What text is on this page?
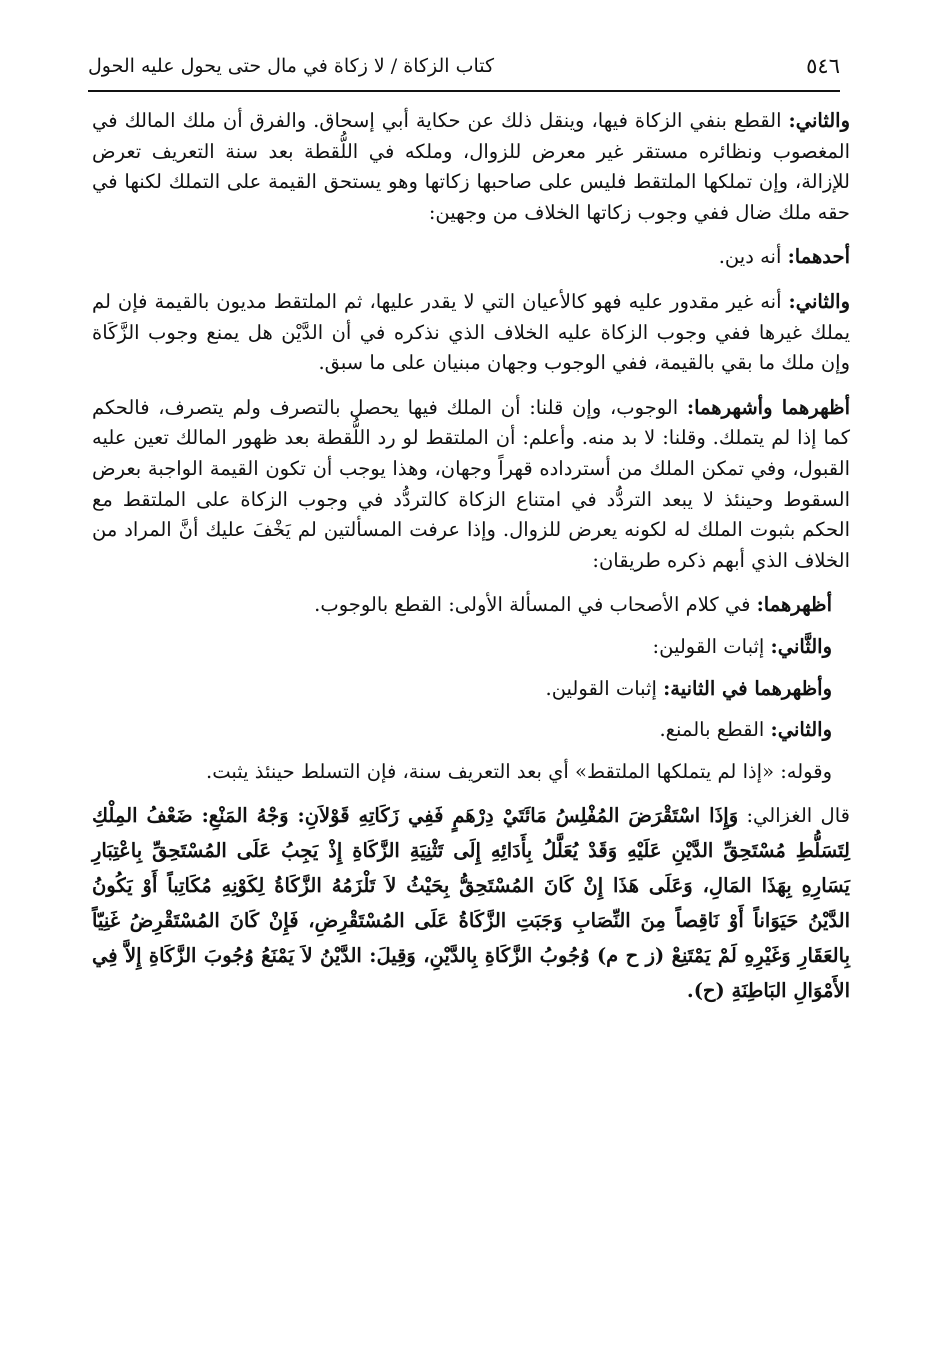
٥٤٦
كتاب الزكاة / لا زكاة في مال حتى يحول عليه الحول

والثاني: القطع بنفي الزكاة فيها، وينقل ذلك عن حكاية أبي إسحاق. والفرق أن ملك المالك في المغصوب ونظائره مستقر غير معرض للزوال، وملكه في اللُّقطة بعد سنة التعريف تعرض للإزالة، وإن تملكها الملتقط فليس على صاحبها زكاتها وهو يستحق القيمة على التملك لكنها في حقه ملك ضال ففي وجوب زكاتها الخلاف من وجهين:

أحدهما: أنه دين.

والثاني: أنه غير مقدور عليه فهو كالأعيان التي لا يقدر عليها، ثم الملتقط مديون بالقيمة فإن لم يملك غيرها ففي وجوب الزكاة عليه الخلاف الذي نذكره في أن الدَّيْن هل يمنع وجوب الزَّكَاة وإن ملك ما بقي بالقيمة، ففي الوجوب وجهان مبنيان على ما سبق.

أظهرهما وأشهرهما: الوجوب، وإن قلنا: أن الملك فيها يحصل بالتصرف ولم يتصرف، فالحكم كما إذا لم يتملك. وقلنا: لا بد منه. وأعلم: أن الملتقط لو رد اللُّقطة بعد ظهور المالك تعين عليه القبول، وفي تمكن الملك من أسترداده قهراً وجهان، وهذا يوجب أن تكون القيمة الواجبة بعرض السقوط وحينئذ لا يبعد التردُّد في امتناع الزكاة كالتردُّد في وجوب الزكاة على الملتقط مع الحكم بثبوت الملك له لكونه يعرض للزوال. وإذا عرفت المسألتين لم يَخْفَ عليك أنَّ المراد من الخلاف الذي أبهم ذكره طريقان:

أظهرهما: في كلام الأصحاب في المسألة الأولى: القطع بالوجوب.

والثَّاني: إثبات القولين:

وأظهرهما في الثانية: إثبات القولين.

والثاني: القطع بالمنع.

وقوله: «إذا لم يتملكها الملتقط» أي بعد التعريف سنة، فإن التسلط حينئذ يثبت.

قال الغزالي: وَإِذَا اسْتَقْرَضَ المُفْلِسُ مَائَتَيْ دِرْهَمٍ فَفِي زَكَاتِهِ قَوْلاَنِ: وَجْهُ المَنْعِ: ضَعْفُ المِلْكِ لِتَسَلُّطِ مُسْتَحِقِّ الدَّيْنِ عَلَيْهِ وَقَدْ يُعَلَّلُ بِأَدَائِهِ إِلَى تَثْنِيَةِ الزَّكَاةِ إِذْ يَجِبُ عَلَى المُسْتَحِقِّ بِاعْتِبَارِ يَسَارِهِ بِهَذَا المَالِ، وَعَلَى هَذَا إِنْ كَانَ المُسْتَحِقُّ بِحَيْثُ لاَ تَلْزَمُهُ الزَّكَاةُ لِكَوْنِهِ مُكَاتِباً أَوْ يَكُونُ الدَّيْنُ حَيَوَاناً أَوْ نَاقِصاً مِنَ النِّصَابِ وَجَبَتِ الزَّكَاةُ عَلَى المُسْتَقْرِضِ، فَإِنْ كَانَ المُسْتَقْرِضُ غَنِيّاً بِالعَقَارِ وَغَيْرِهِ لَمْ يَمْتَنِعْ (ز ح م) وُجُوبُ الزَّكَاةِ بِالدَّيْنِ، وَقِيلَ: الدَّيْنُ لاَ يَمْنَعُ وُجُوبَ الزَّكَاةِ إِلاَّ فِي الأَمْوَالِ البَاطِنَةِ (ح).
